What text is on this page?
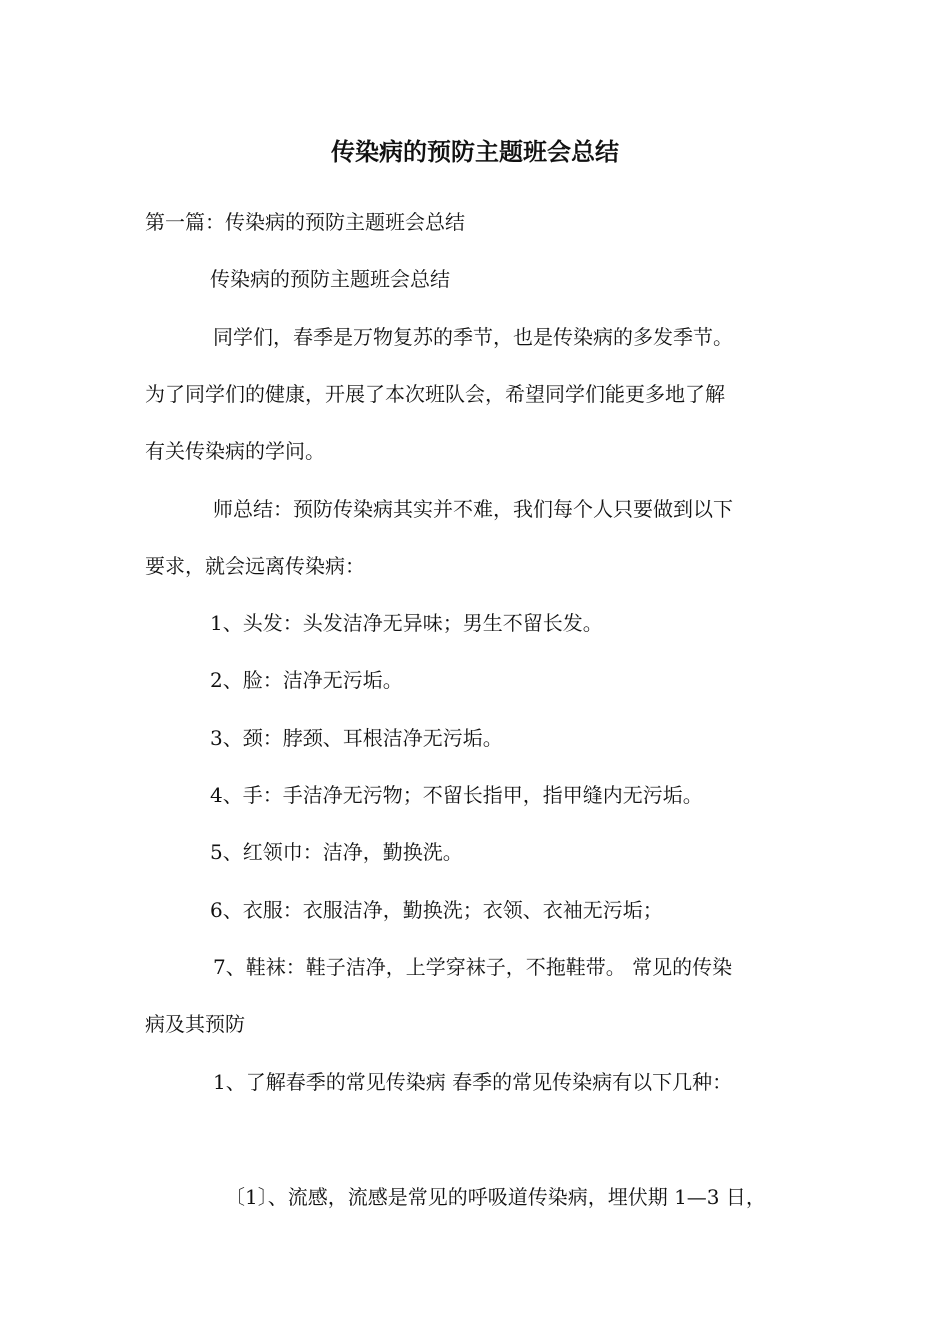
传染病的预防主题班会总结

第一篇：传染病的预防主题班会总结

传染病的预防主题班会总结

同学们，春季是万物复苏的季节，也是传染病的多发季节。

为了同学们的健康，开展了本次班队会，希望同学们能更多地了解

有关传染病的学问。

师总结：预防传染病其实并不难，我们每个人只要做到以下

要求，就会远离传染病：

1、头发：头发洁净无异味；男生不留长发。

2、脸：洁净无污垢。

3、颈：脖颈、耳根洁净无污垢。

4、手：手洁净无污物；不留长指甲，指甲缝内无污垢。

5、红领巾：洁净，勤换洗。

6、衣服：衣服洁净，勤换洗；衣领、衣袖无污垢；

7、鞋袜：鞋子洁净，上学穿袜子，不拖鞋带。 常见的传染

病及其预防

1、了解春季的常见传染病 春季的常见传染病有以下几种：

〔1〕、流感，流感是常见的呼吸道传染病，埋伏期 1—3 日，
